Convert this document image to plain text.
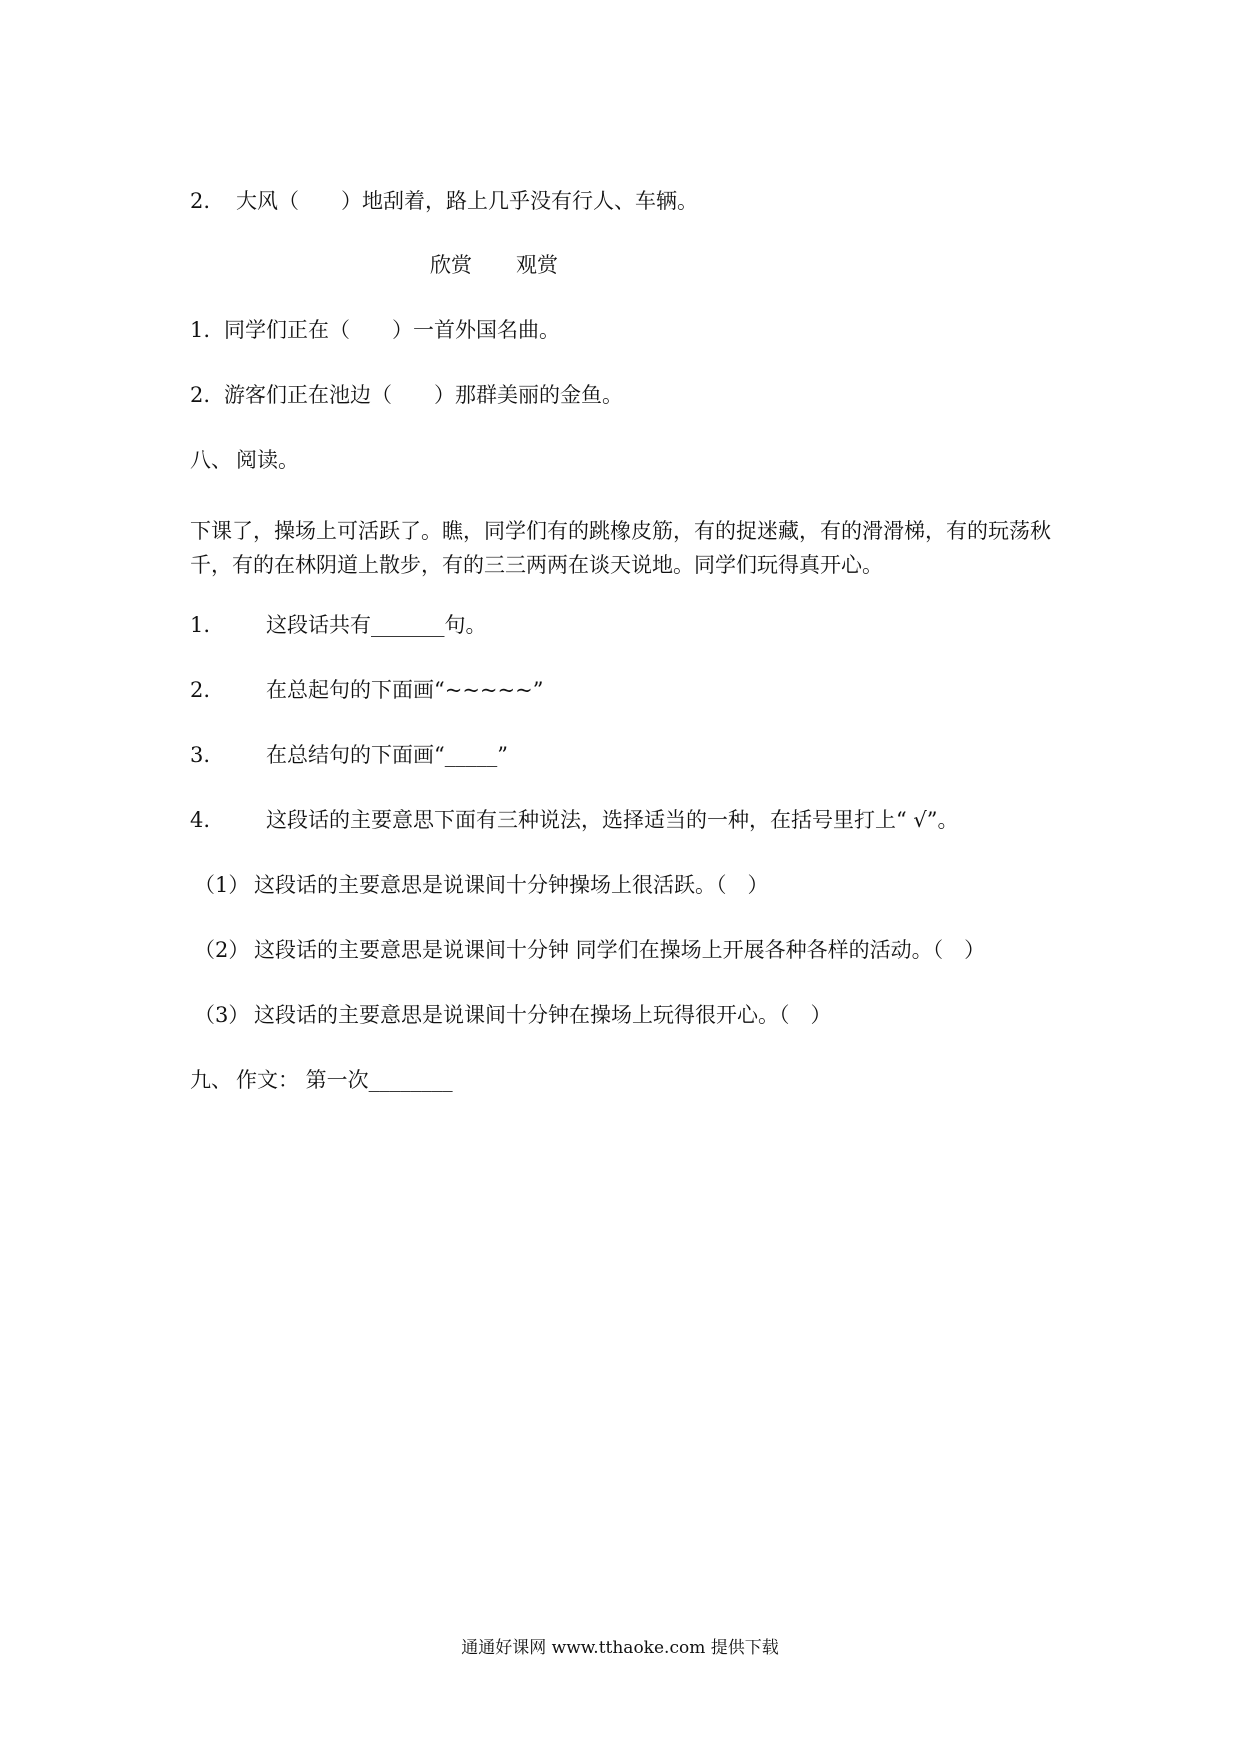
2. 大风（　　）地刮着，路上几乎没有行人、车辆。
欣赏 观赏
1. 同学们正在（　　）一首外国名曲。
2. 游客们正在池边（　　）那群美丽的金鱼。
八、 阅读。
下课了，操场上可活跃了。瞧，同学们有的跳橡皮筋，有的捉迷藏，有的滑滑梯，有的玩荡秋千，有的在林阴道上散步，有的三三两两在谈天说地。同学们玩得真开心。
1.	这段话共有_______句。
2.	在总起句的下面画“~~~~~”
3.	在总结句的下面画“_____”
4.	这段话的主要意思下面有三种说法，选择适当的一种，在括号里打上“ √”。
（1） 这段话的主要意思是说课间十分钟操场上很活跃。（　）
（2） 这段话的主要意思是说课间十分钟 同学们在操场上开展各种各样的活动。（　）
（3） 这段话的主要意思是说课间十分钟在操场上玩得很开心。（　）
九、 作文： 第一次________
通通好课网 www.tthaoke.com 提供下载
